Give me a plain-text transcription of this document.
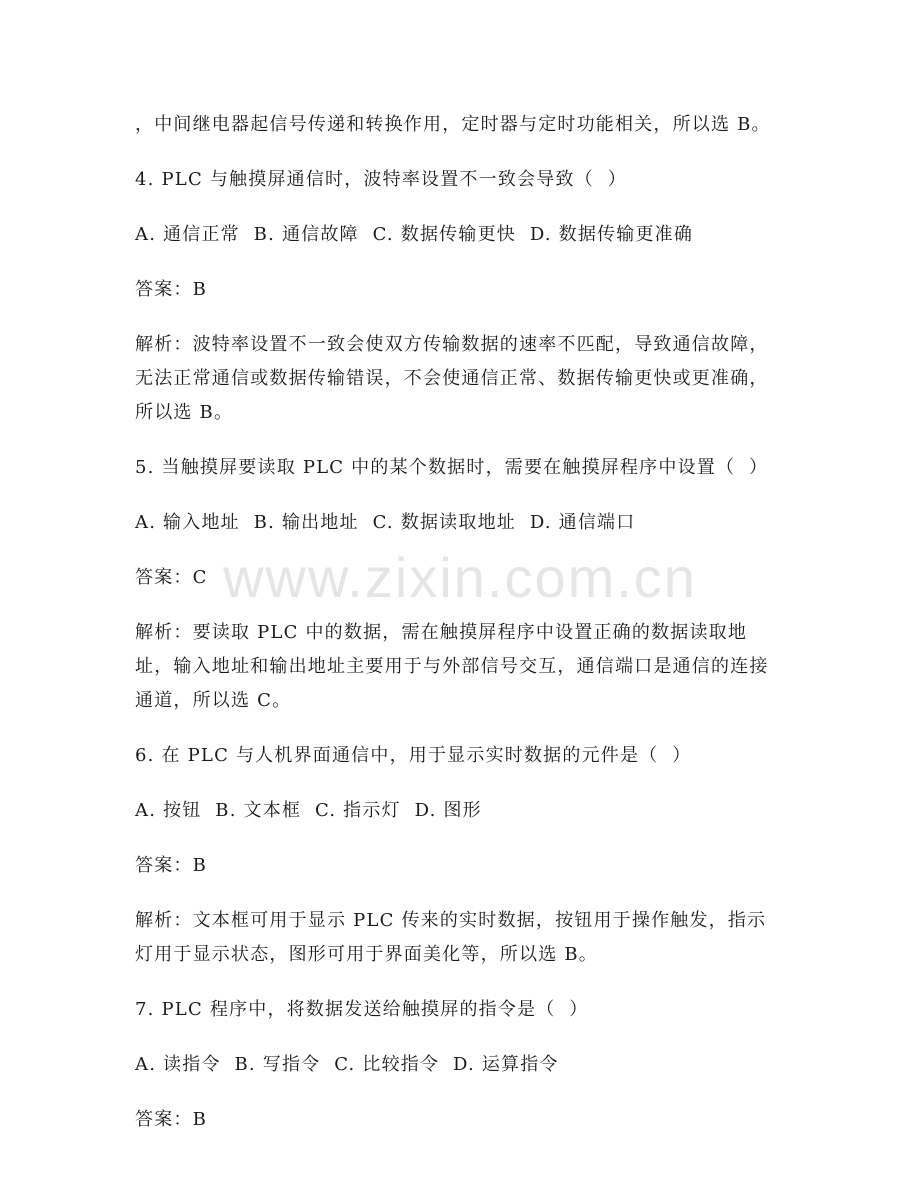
，中间继电器起信号传递和转换作用，定时器与定时功能相关，所以选 B。

4. PLC 与触摸屏通信时，波特率设置不一致会导致（  ）

A. 通信正常  B. 通信故障  C. 数据传输更快  D. 数据传输更准确

答案：B

解析：波特率设置不一致会使双方传输数据的速率不匹配，导致通信故障，无法正常通信或数据传输错误，不会使通信正常、数据传输更快或更准确，所以选 B。

5. 当触摸屏要读取 PLC 中的某个数据时，需要在触摸屏程序中设置（  ）

A. 输入地址  B. 输出地址  C. 数据读取地址  D. 通信端口

答案：C

解析：要读取 PLC 中的数据，需在触摸屏程序中设置正确的数据读取地址，输入地址和输出地址主要用于与外部信号交互，通信端口是通信的连接通道，所以选 C。

6. 在 PLC 与人机界面通信中，用于显示实时数据的元件是（  ）

A. 按钮  B. 文本框  C. 指示灯  D. 图形

答案：B

解析：文本框可用于显示 PLC 传来的实时数据，按钮用于操作触发，指示灯用于显示状态，图形可用于界面美化等，所以选 B。

7. PLC 程序中，将数据发送给触摸屏的指令是（  ）

A. 读指令  B. 写指令  C. 比较指令  D. 运算指令

答案：B

www.zixin.com.cn
